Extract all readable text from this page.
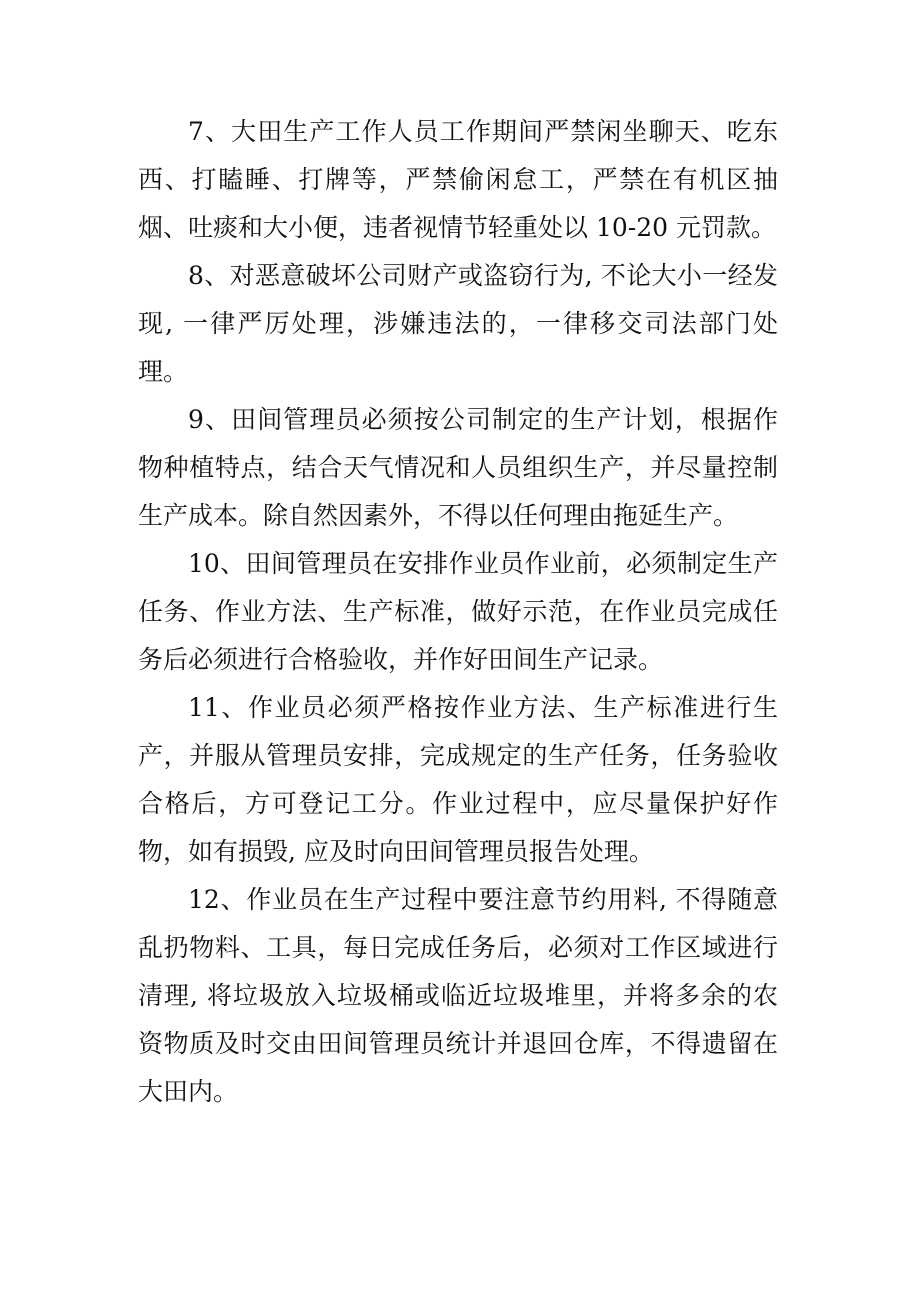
7、大田生产工作人员工作期间严禁闲坐聊天、吃东西、打瞌睡、打牌等，严禁偷闲怠工，严禁在有机区抽烟、吐痰和大小便，违者视情节轻重处以 10-20 元罚款。

8、对恶意破坏公司财产或盗窃行为, 不论大小一经发现, 一律严厉处理，涉嫌违法的，一律移交司法部门处理。

9、田间管理员必须按公司制定的生产计划，根据作物种植特点，结合天气情况和人员组织生产，并尽量控制生产成本。除自然因素外，不得以任何理由拖延生产。

10、田间管理员在安排作业员作业前，必须制定生产任务、作业方法、生产标准，做好示范，在作业员完成任务后必须进行合格验收，并作好田间生产记录。

11、作业员必须严格按作业方法、生产标准进行生产，并服从管理员安排，完成规定的生产任务，任务验收合格后，方可登记工分。作业过程中，应尽量保护好作物，如有损毁, 应及时向田间管理员报告处理。

12、作业员在生产过程中要注意节约用料, 不得随意乱扔物料、工具，每日完成任务后，必须对工作区域进行清理, 将垃圾放入垃圾桶或临近垃圾堆里，并将多余的农资物质及时交由田间管理员统计并退回仓库，不得遗留在大田内。
